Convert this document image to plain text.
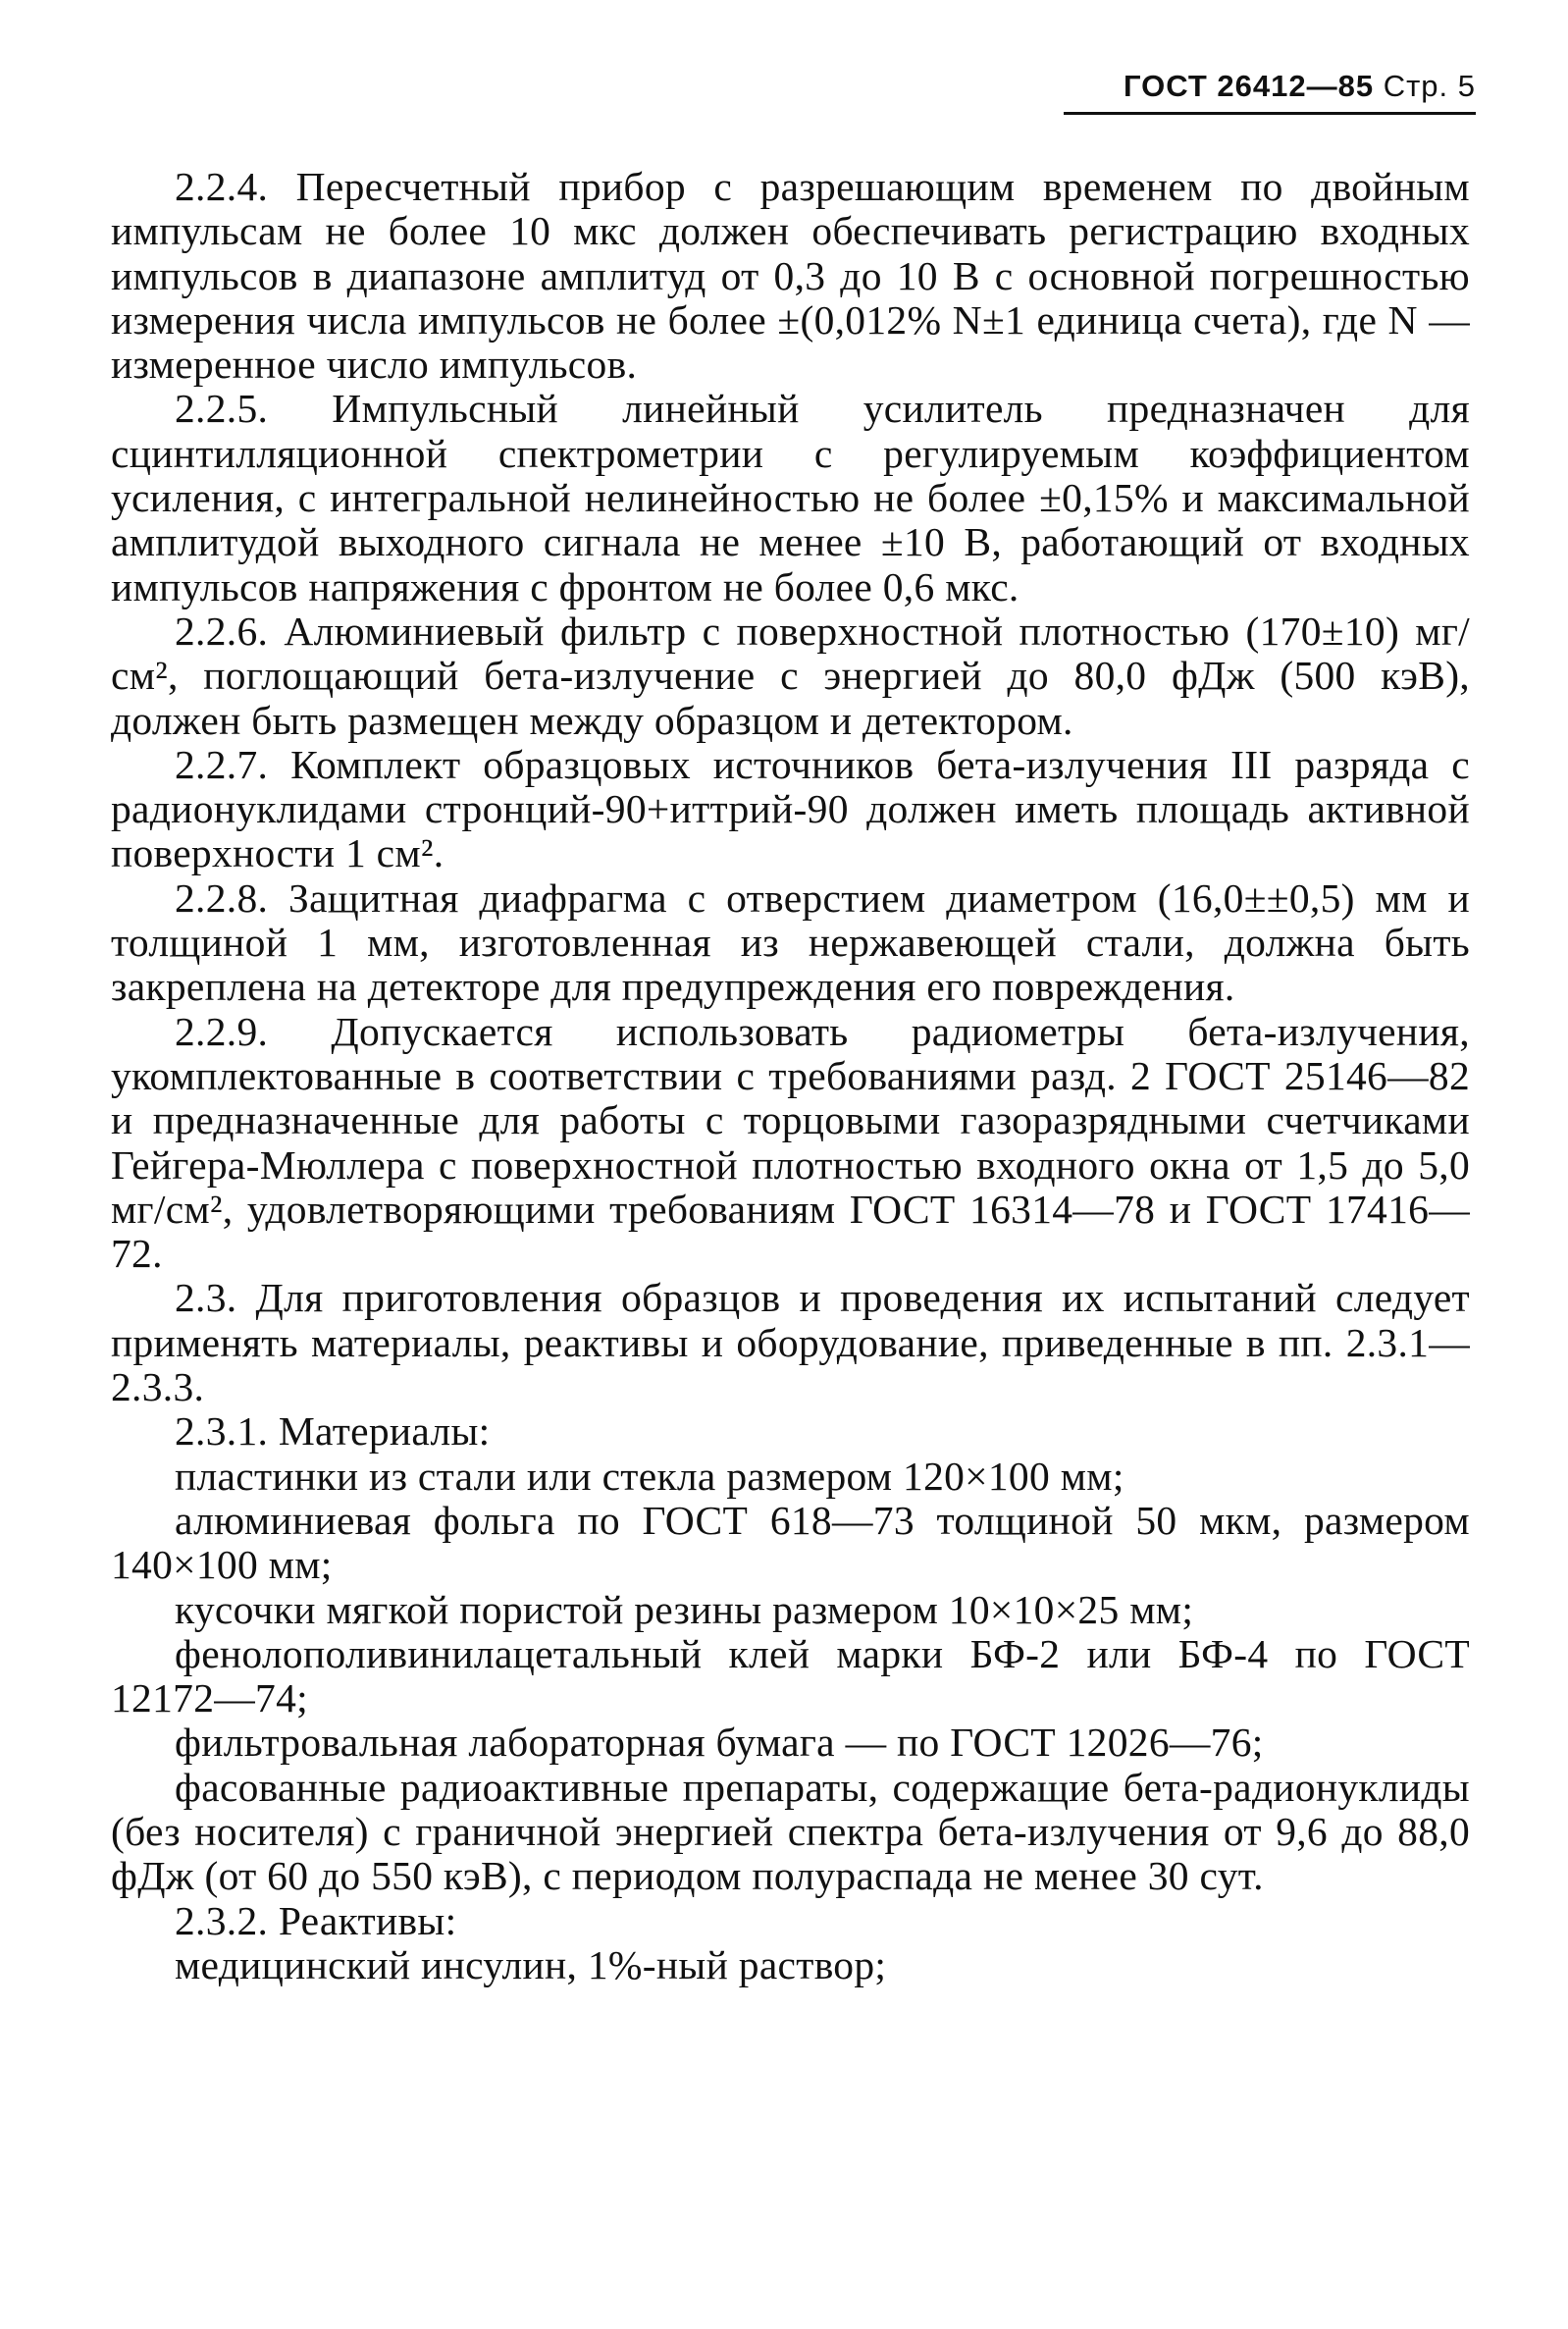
ГОСТ 26412—85 Стр. 5

2.2.4. Пересчетный прибор с разрешающим временем по двойным импульсам не более 10 мкс должен обеспечивать регистрацию входных импульсов в диапазоне амплитуд от 0,3 до 10 В с основной погрешностью измерения числа импульсов не более ±(0,012% N±1 единица счета), где N — измеренное число импульсов.

2.2.5. Импульсный линейный усилитель предназначен для сцинтилляционной спектрометрии с регулируемым коэффициентом усиления, с интегральной нелинейностью не более ±0,15% и максимальной амплитудой выходного сигнала не менее ±10 В, работающий от входных импульсов напряжения с фронтом не более 0,6 мкс.

2.2.6. Алюминиевый фильтр с поверхностной плотностью (170±10) мг/см², поглощающий бета-излучение с энергией до 80,0 фДж (500 кэВ), должен быть размещен между образцом и детектором.

2.2.7. Комплект образцовых источников бета-излучения III разряда с радионуклидами стронций-90+иттрий-90 должен иметь площадь активной поверхности 1 см².

2.2.8. Защитная диафрагма с отверстием диаметром (16,0±±0,5) мм и толщиной 1 мм, изготовленная из нержавеющей стали, должна быть закреплена на детекторе для предупреждения его повреждения.

2.2.9. Допускается использовать радиометры бета-излучения, укомплектованные в соответствии с требованиями разд. 2 ГОСТ 25146—82 и предназначенные для работы с торцовыми газоразрядными счетчиками Гейгера-Мюллера с поверхностной плотностью входного окна от 1,5 до 5,0 мг/см², удовлетворяющими требованиям ГОСТ 16314—78 и ГОСТ 17416—72.

2.3. Для приготовления образцов и проведения их испытаний следует применять материалы, реактивы и оборудование, приведенные в пп. 2.3.1—2.3.3.

2.3.1. Материалы:

пластинки из стали или стекла размером 120×100 мм;

алюминиевая фольга по ГОСТ 618—73 толщиной 50 мкм, размером 140×100 мм;

кусочки мягкой пористой резины размером 10×10×25 мм;

фенолополивинилацетальный клей марки БФ-2 или БФ-4 по ГОСТ 12172—74;

фильтровальная лабораторная бумага — по ГОСТ 12026—76;

фасованные радиоактивные препараты, содержащие бета-радионуклиды (без носителя) с граничной энергией спектра бета-излучения от 9,6 до 88,0 фДж (от 60 до 550 кэВ), с периодом полураспада не менее 30 сут.

2.3.2. Реактивы:

медицинский инсулин, 1%-ный раствор;
